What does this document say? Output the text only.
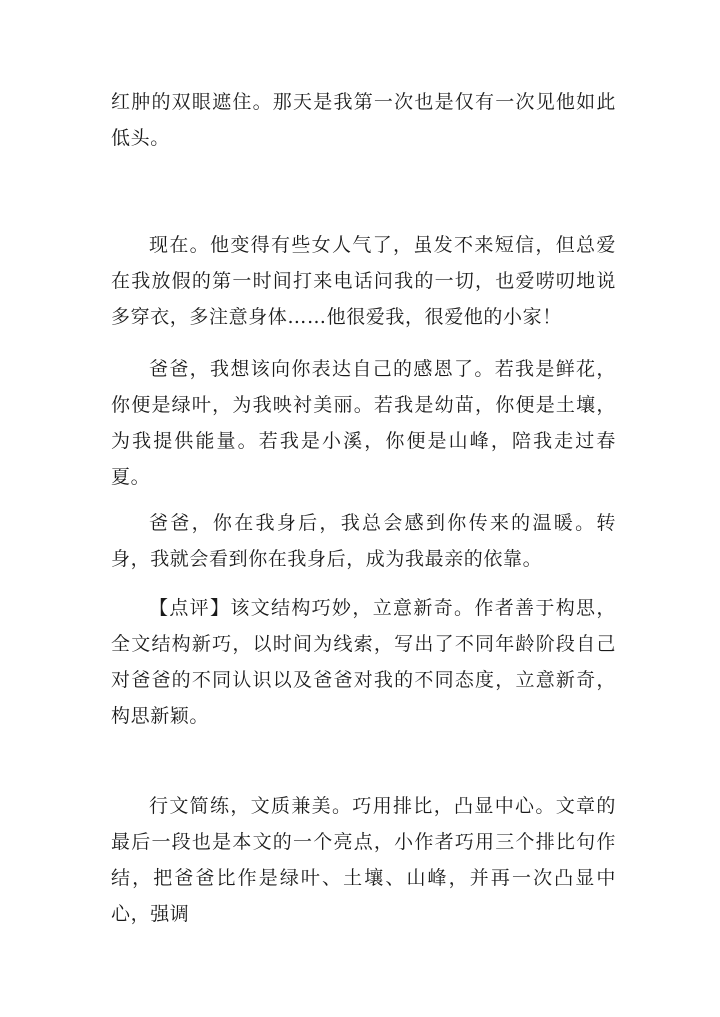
红肿的双眼遮住。那天是我第一次也是仅有一次见他如此低头。

现在。他变得有些女人气了，虽发不来短信，但总爱在我放假的第一时间打来电话问我的一切，也爱唠叨地说多穿衣，多注意身体……他很爱我，很爱他的小家！

爸爸，我想该向你表达自己的感恩了。若我是鲜花，你便是绿叶，为我映衬美丽。若我是幼苗，你便是土壤，为我提供能量。若我是小溪，你便是山峰，陪我走过春夏。

爸爸，你在我身后，我总会感到你传来的温暖。转身，我就会看到你在我身后，成为我最亲的依靠。

【点评】该文结构巧妙，立意新奇。作者善于构思，全文结构新巧，以时间为线索，写出了不同年龄阶段自己对爸爸的不同认识以及爸爸对我的不同态度，立意新奇，构思新颖。

行文简练，文质兼美。巧用排比，凸显中心。文章的最后一段也是本文的一个亮点，小作者巧用三个排比句作结，把爸爸比作是绿叶、土壤、山峰，并再一次凸显中心，强调
